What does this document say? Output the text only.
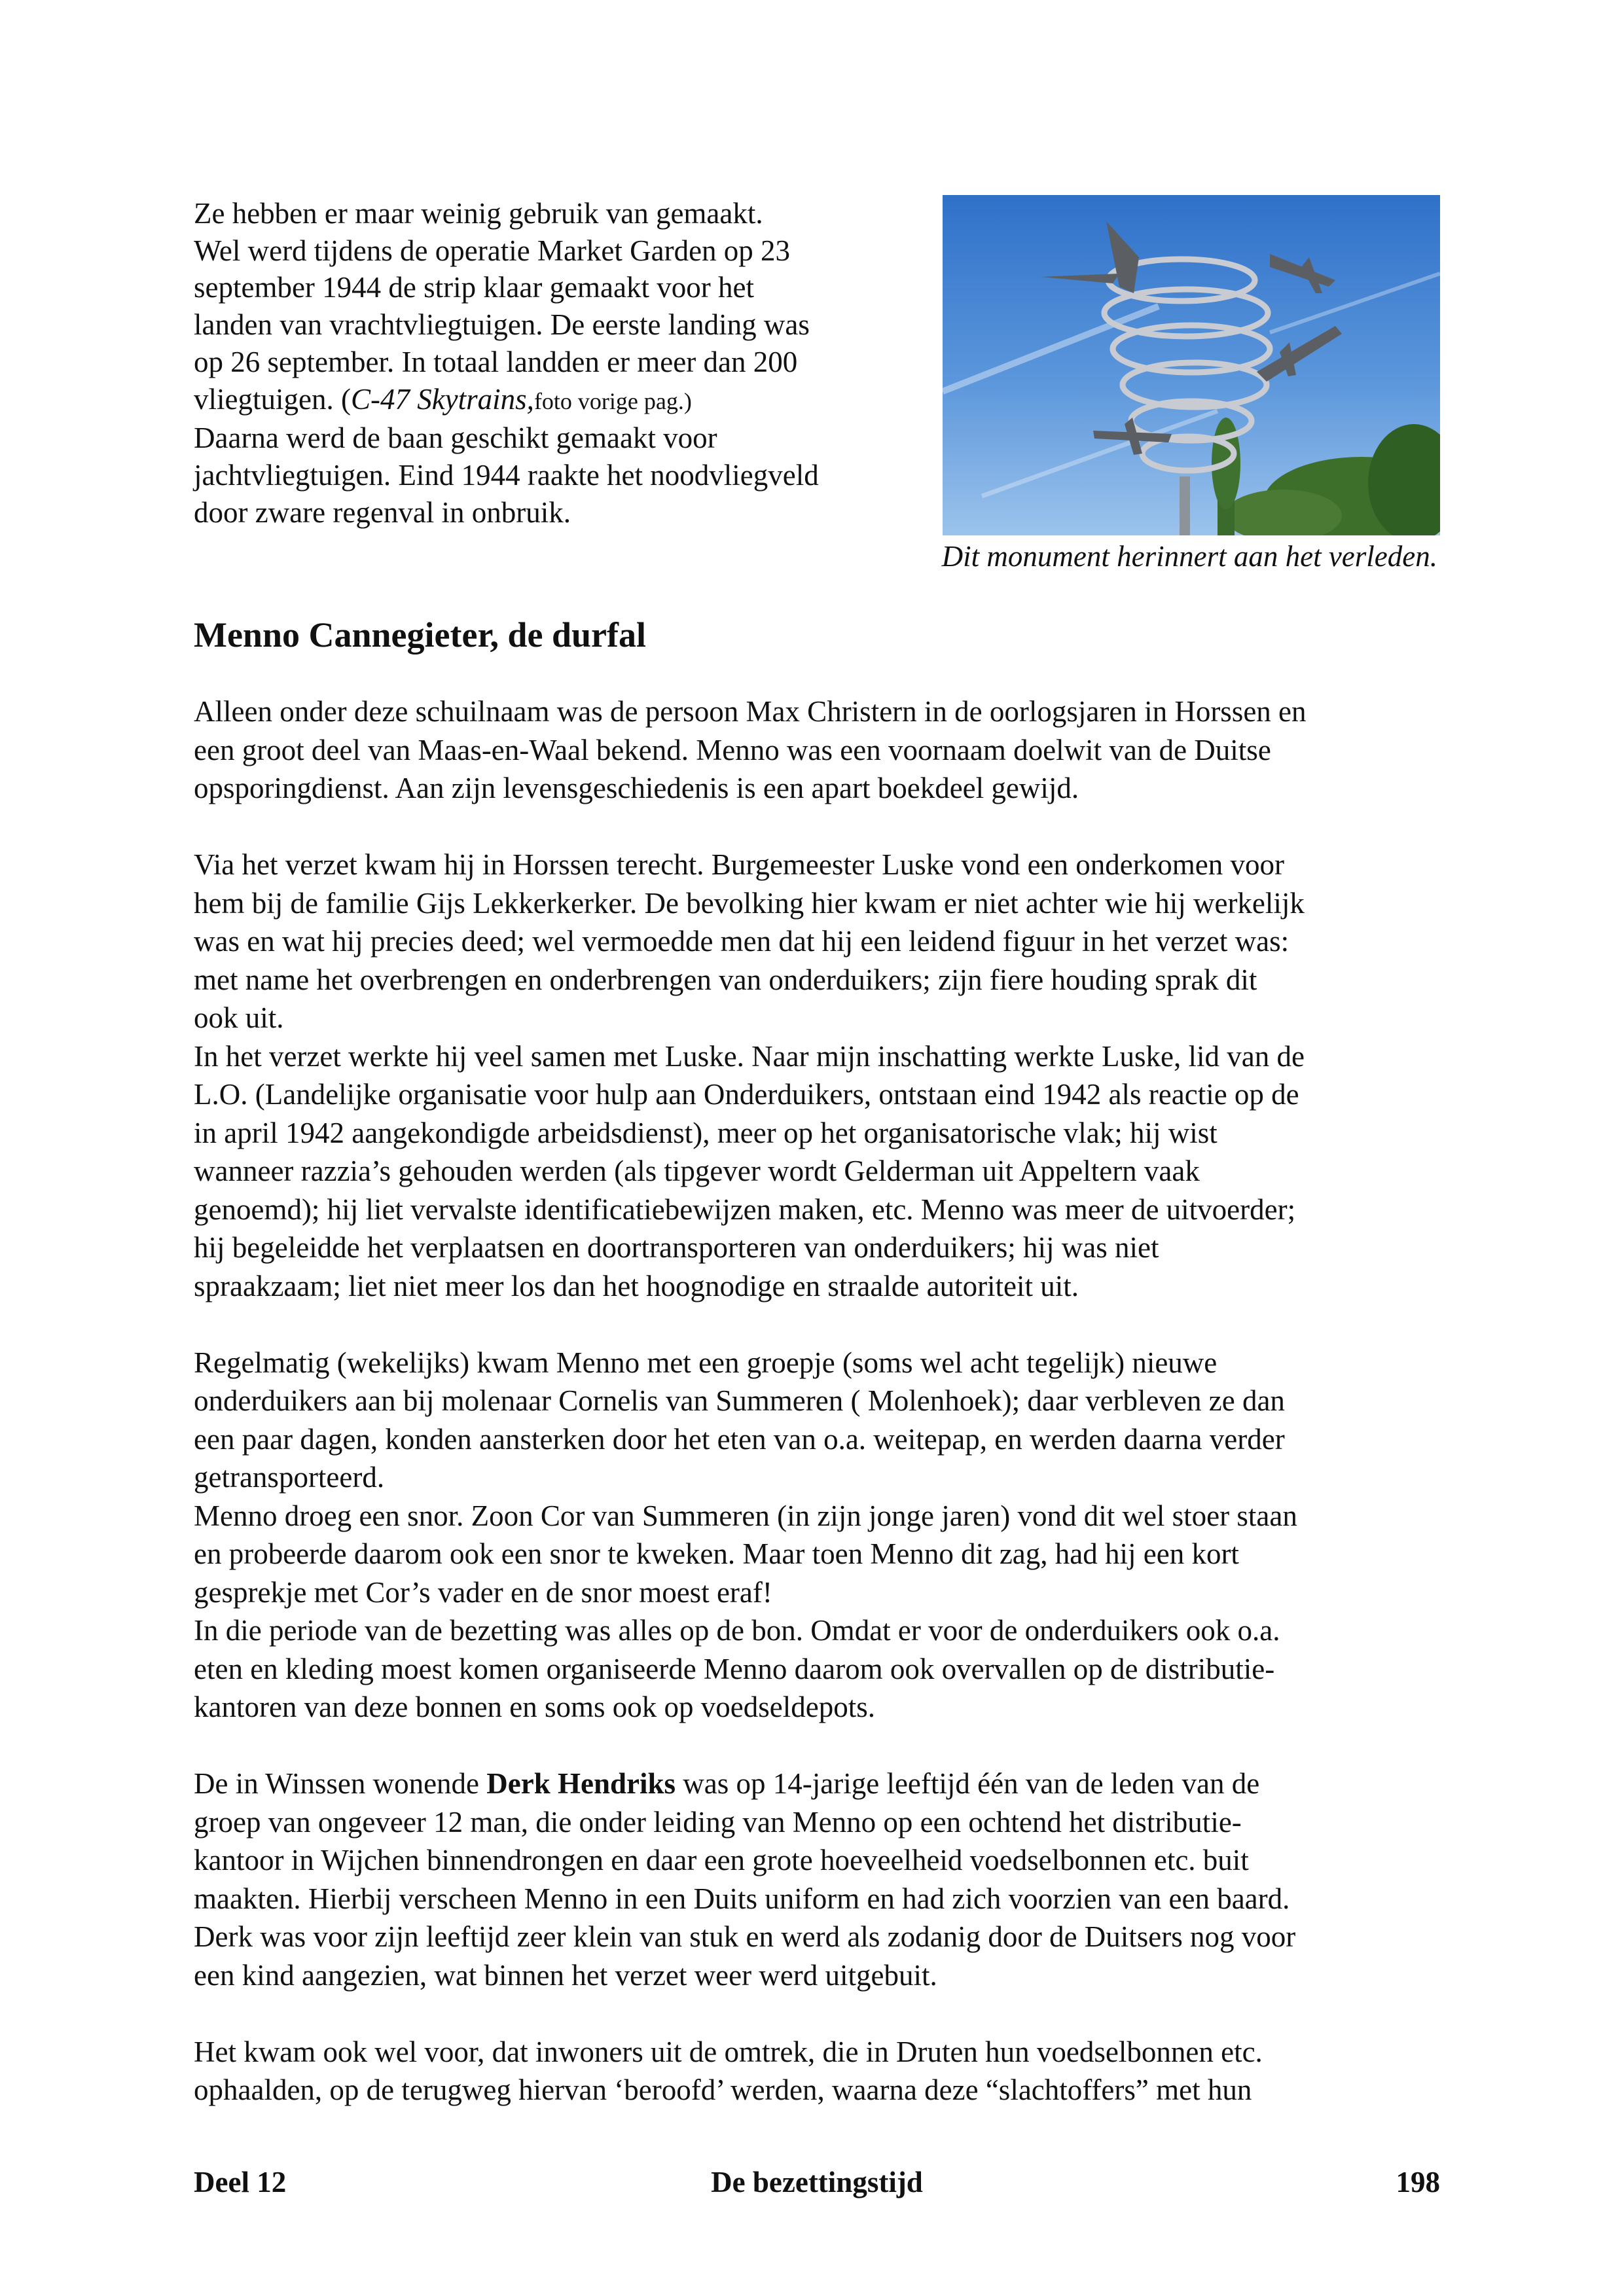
Ze hebben er maar weinig gebruik van gemaakt.
Wel werd tijdens de operatie Market Garden op 23
september 1944 de strip klaar gemaakt voor het
landen van vrachtvliegtuigen. De eerste landing was
op 26 september. In totaal landden er meer dan 200
vliegtuigen. (C-47 Skytrains,foto vorige pag.)
Daarna werd de baan geschikt gemaakt voor
jachtvliegtuigen. Eind 1944 raakte het noodvliegveld
door zware regenval in onbruik.
Dit monument herinnert aan het verleden.
Menno Cannegieter, de durfal
Alleen onder deze schuilnaam was de persoon Max Christern in de oorlogsjaren in Horssen en
een groot deel van Maas-en-Waal bekend. Menno was een voornaam doelwit van de Duitse
opsporingdienst. Aan zijn levensgeschiedenis is een apart boekdeel gewijd.
Via het verzet kwam hij in Horssen terecht. Burgemeester Luske vond een onderkomen voor
hem bij de familie Gijs Lekkerkerker. De bevolking hier kwam er niet achter wie hij werkelijk
was en wat hij precies deed; wel vermoedde men dat hij een leidend figuur in het verzet was:
met name het overbrengen en onderbrengen van onderduikers; zijn fiere houding sprak dit
ook uit.
In het verzet werkte hij veel samen met Luske. Naar mijn inschatting werkte Luske, lid van de
L.O. (Landelijke organisatie voor hulp aan Onderduikers, ontstaan eind 1942 als reactie op de
in april 1942 aangekondigde arbeidsdienst), meer op het organisatorische vlak; hij wist
wanneer razzia’s gehouden werden (als tipgever wordt Gelderman uit Appeltern vaak
genoemd); hij liet vervalste identificatiebewijzen maken, etc. Menno was meer de uitvoerder;
hij begeleidde het verplaatsen en doortransporteren van onderduikers; hij was niet
spraakzaam; liet niet meer los dan het hoognodige en straalde autoriteit uit.
Regelmatig (wekelijks) kwam Menno met een groepje (soms wel acht tegelijk) nieuwe
onderduikers aan bij molenaar Cornelis van Summeren ( Molenhoek); daar verbleven ze dan
een paar dagen, konden aansterken door het eten van o.a. weitepap, en werden daarna verder
getransporteerd.
Menno droeg een snor. Zoon Cor van Summeren (in zijn jonge jaren) vond dit wel stoer staan
en probeerde daarom ook een snor te kweken. Maar toen Menno dit zag, had hij een kort
gesprekje met Cor’s vader en de snor moest eraf!
In die periode van de bezetting was alles op de bon. Omdat er voor de onderduikers ook o.a.
eten en kleding moest komen organiseerde Menno daarom ook overvallen op de distributie-
kantoren van deze bonnen en soms ook op voedseldepots.
De in Winssen wonende Derk Hendriks was op 14-jarige leeftijd één van de leden van de
groep van ongeveer 12 man, die onder leiding van Menno op een ochtend het distributie-
kantoor in Wijchen binnendrongen en daar een grote hoeveelheid voedselbonnen etc. buit
maakten. Hierbij verscheen Menno in een Duits uniform en had zich voorzien van een baard.
Derk was voor zijn leeftijd zeer klein van stuk en werd als zodanig door de Duitsers nog voor
een kind aangezien, wat binnen het verzet weer werd uitgebuit.
Het kwam ook wel voor, dat inwoners uit de omtrek, die in Druten hun voedselbonnen etc.
ophaalden, op de terugweg hiervan ‘beroofd’ werden, waarna deze “slachtoffers” met hun
Deel 12	De bezettingstijd	198
